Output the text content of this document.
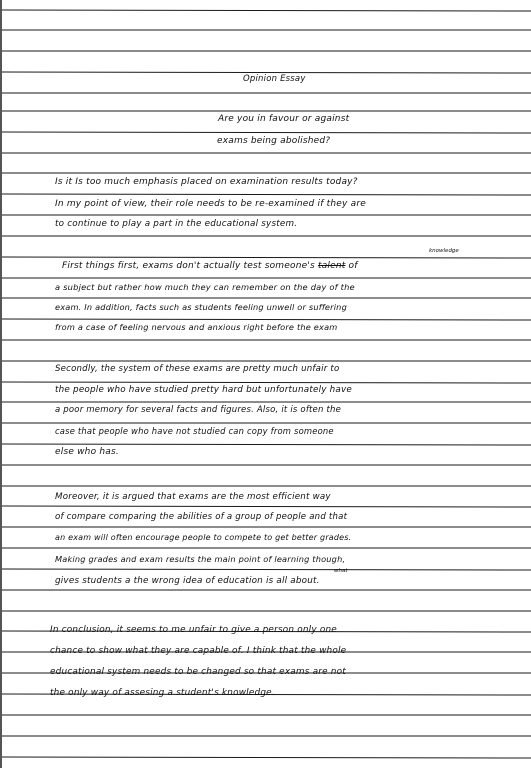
Opinion Essay
Are you in favour or against
exams being abolished?
Is it Is too much emphasis placed on examination results today?
In my point of view, their role needs to be re-examined if they are
to continue to play a part in the educational system.
knowledge
First things first, exams don't actually test someone's talent of
a subject but rather how much they can remember on the day of the
exam. In addition, facts such as students feeling unwell or suffering
from a case of feeling nervous and anxious right before the exam
Secondly, the system of these exams are pretty much unfair to
the people who have studied pretty hard but unfortunately have
a poor memory for several facts and figures. Also, it is often the
case that people who have not studied can copy from someone
else who has.
Moreover, it is argued that exams are the most efficient way
of compare comparing the abilities of a group of people and that
an exam will often encourage people to compete to get better grades.
Making grades and exam results the main point of learning though,
what
gives students a the wrong idea of education is all about.
In conclusion, it seems to me unfair to give a person only one
chance to show what they are capable of. I think that the whole
educational system needs to be changed so that exams are not
the only way of assesing a student's knowledge.
